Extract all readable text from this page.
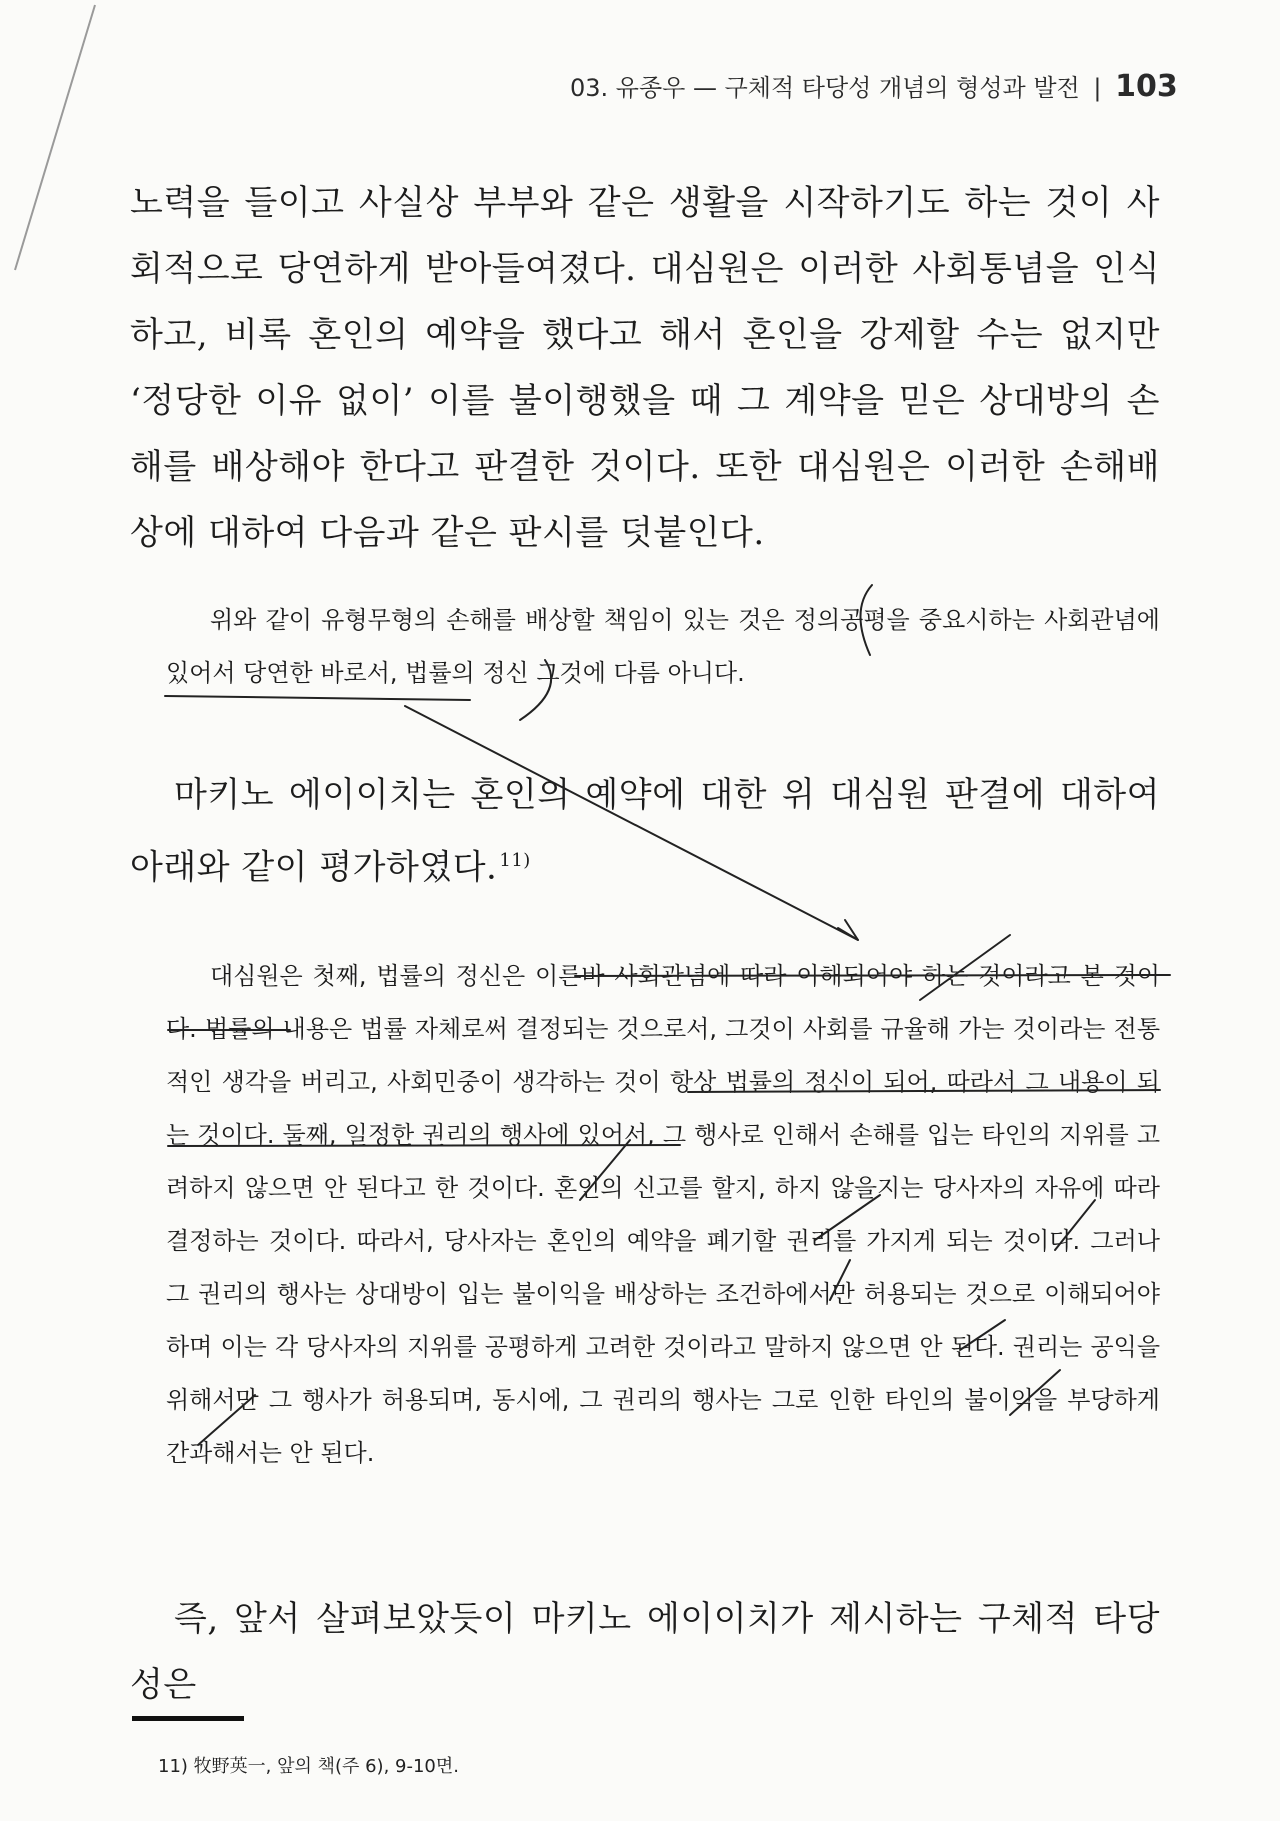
03. 유종우 — 구체적 타당성 개념의 형성과 발전 | 103

노력을 들이고 사실상 부부와 같은 생활을 시작하기도 하는 것이 사회적으로 당연하게 받아들여졌다. 대심원은 이러한 사회통념을 인식하고, 비록 혼인의 예약을 했다고 해서 혼인을 강제할 수는 없지만 ‘정당한 이유 없이’ 이를 불이행했을 때 그 계약을 믿은 상대방의 손해를 배상해야 한다고 판결한 것이다. 또한 대심원은 이러한 손해배상에 대하여 다음과 같은 판시를 덧붙인다.

위와 같이 유형무형의 손해를 배상할 책임이 있는 것은 정의공평을 중요시하는 사회관념에 있어서 당연한 바로서, 법률의 정신 그것에 다름 아니다.

마키노 에이이치는 혼인의 예약에 대한 위 대심원 판결에 대하여 아래와 같이 평가하였다. $^{11)}$

대심원은 첫째, 법률의 정신은 이른바 사회관념에 따라 이해되어야 하는 것이라고 본 것이다. 법률의 내용은 법률 자체로써 결정되는 것으로서, 그것이 사회를 규율해 가는 것이라는 전통적인 생각을 버리고, 사회민중이 생각하는 것이 항상 법률의 정신이 되어, 따라서 그 내용이 되는 것이다. 둘째, 일정한 권리의 행사에 있어서, 그 행사로 인해서 손해를 입는 타인의 지위를 고려하지 않으면 안 된다고 한 것이다. 혼인의 신고를 할지, 하지 않을지는 당사자의 자유에 따라 결정하는 것이다. 따라서, 당사자는 혼인의 예약을 폐기할 권리를 가지게 되는 것이다. 그러나 그 권리의 행사는 상대방이 입는 불이익을 배상하는 조건하에서만 허용되는 것으로 이해되어야 하며 이는 각 당사자의 지위를 공평하게 고려한 것이라고 말하지 않으면 안 된다. 권리는 공익을 위해서만 그 행사가 허용되며, 동시에, 그 권리의 행사는 그로 인한 타인의 불이익을 부당하게 간과해서는 안 된다.

즉, 앞서 살펴보았듯이 마키노 에이이치가 제시하는 구체적 타당성은

11) 牧野英一, 앞의 책(주 6), 9-10면.
